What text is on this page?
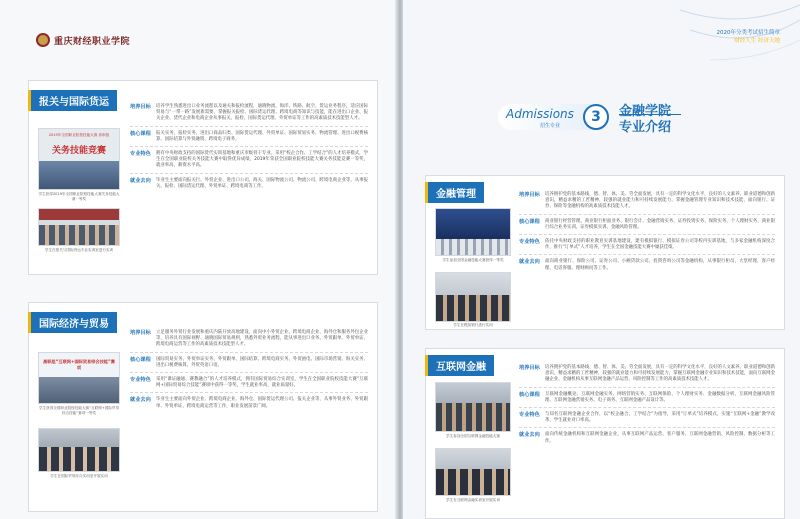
重庆财经职业学院
报关与国际货运
2019年全国职业院校技能大赛 高职组
关务技能竞赛
学生获得2019年全国职业院校技能大赛关务技能大赛一等奖
学生在报关与国际货运专业实训室进行实训
培养目标	培养学生熟悉进出口业务流程以及通关和报检流程，通晓物流、海洋、铁路、航空、货运业务程序，适应国际贸易与“一带一路”发展新需要，掌握报关报检、国际货运代理、跨境电商等知识与技能，能在进出口企业、报关企业、货代企业和电商企业从事报关、报检、国际货运代理、外贸单证等工作的高素质技术技能型人才。
核心课程	报关实务、报检实务、进出口商品归类、国际货运代理、外贸单证、国际贸易实务、物流管理、进出口税费核算、国际结算与外贸融资、跨境电子商务。
专业特色	拥有中央财政支持的国际货代实训基地和重庆市级骨干专业，采用“校企合作、工学结合”的人才培养模式，学生在全国职业院校关务技能大赛中取得优异成绩，2019年荣获全国职业院校技能大赛关务技能竞赛一等奖，就业率高，薪资水平高。
就业去向	毕业生主要面向报关行、外贸企业、进出口公司、海关、国际物流公司、物流公司、跨境电商企业等，从事报关、报检、国际货运代理、外贸单证、跨境电商等工作。
国际经济与贸易
高职组“互联网+国际贸易综合技能”赛项
学生获得全国职业院校技能大赛“互联网+国际贸易综合技能”赛项一等奖
学生在国际贸易综合实训室开展实训
培养目标	立足服务外贸行业发展和重庆内陆开放高地建设，面向中小外贸企业，跨境电商企业、海外仓和服务外包企业等，培养具有国际视野、通晓国际贸易规则，熟悉外贸业务流程，能从事进出口业务、外贸跟单、外贸单证、跨境电商运营等工作的高素质技术技能型人才。
核心课程	国际贸易实务、外贸单证实务、外贸跟单、国际结算、跨境电商实务、外贸函电、国际市场营销、海关实务、进出口税费核算、外贸英语口语。
专业特色	采用“课证融通、赛教融合”的人才培养模式，拥有国际贸易综合实训室，学生在全国职业院校技能大赛“互联网+国际贸易综合技能”赛项中获得一等奖，学生就业率高，就业质量好。
就业去向	毕业生主要面向外贸企业、跨境电商企业、海外仓、国际货运代理公司、报关企业等，从事外贸业务、外贸跟单、外贸单证、跨境电商运营等工作，职业发展前景广阔。
2020年分类考试招生简章
财经人生 经济天地
Admissions
招生专业
3	金融学院
专业介绍
金融管理
学生参加全国金融技能大赛获得一等奖
学生在模拟银行进行实训
培养目标	培养拥护党的基本路线，德、智、体、美、劳全面发展，具有一定的科学文化水平，良好的人文素养、职业道德和创新意识，精益求精的工匠精神，较强的就业能力和可持续发展能力，掌握金融管理专业知识和技术技能，面向银行、证券、保险等金融机构的高素质技术技能人才。
核心课程	商业银行经营管理、商业银行柜面业务、银行会计、金融营销实务、证券投资实务、保险实务、个人理财实务、商业银行综合业务实训、证券模拟实训、金融风险管理。
专业特色	依托中央财政支持的职业教育实训基地建设，建有模拟银行、模拟证券公司等校内实训基地，与多家金融机构深度合作，推行“订单式”人才培养，学生在全国金融技能大赛中屡获佳绩。
就业去向	面向商业银行、保险公司、证券公司、小额贷款公司、投资咨询公司等金融机构，从事银行柜员、大堂经理、客户经理、电话客服、理财顾问等工作。
互联网金融
学生参加全国互联网金融技能大赛
学生在互联网金融实训室开展实训
培养目标	培养拥护党的基本路线，德、智、体、美、劳全面发展，具有一定的科学文化水平，良好的人文素养、职业道德和创新意识，精益求精的工匠精神，较强的就业能力和可持续发展能力，掌握互联网金融专业知识和技术技能，面向互联网金融企业、金融机构从事互联网金融产品运营、风险控制等工作的高素质技术技能人才。
核心课程	互联网金融概论、互联网金融实务、网络营销实务、互联网保险、个人理财实务、金融数据分析、互联网金融风险管理、互联网金融营销实务、电子商务、互联网金融产品设计等。
专业特色	与知名互联网金融企业合作，以“校企融合、工学结合”为指导，采用“订单式”培养模式，实施“互联网+金融”教学改革，学生就业对口率高。
就业去向	面向传统金融机构和互联网金融企业，从事互联网产品运营、客户服务、互联网金融营销、风险控制、数据分析等工作。
